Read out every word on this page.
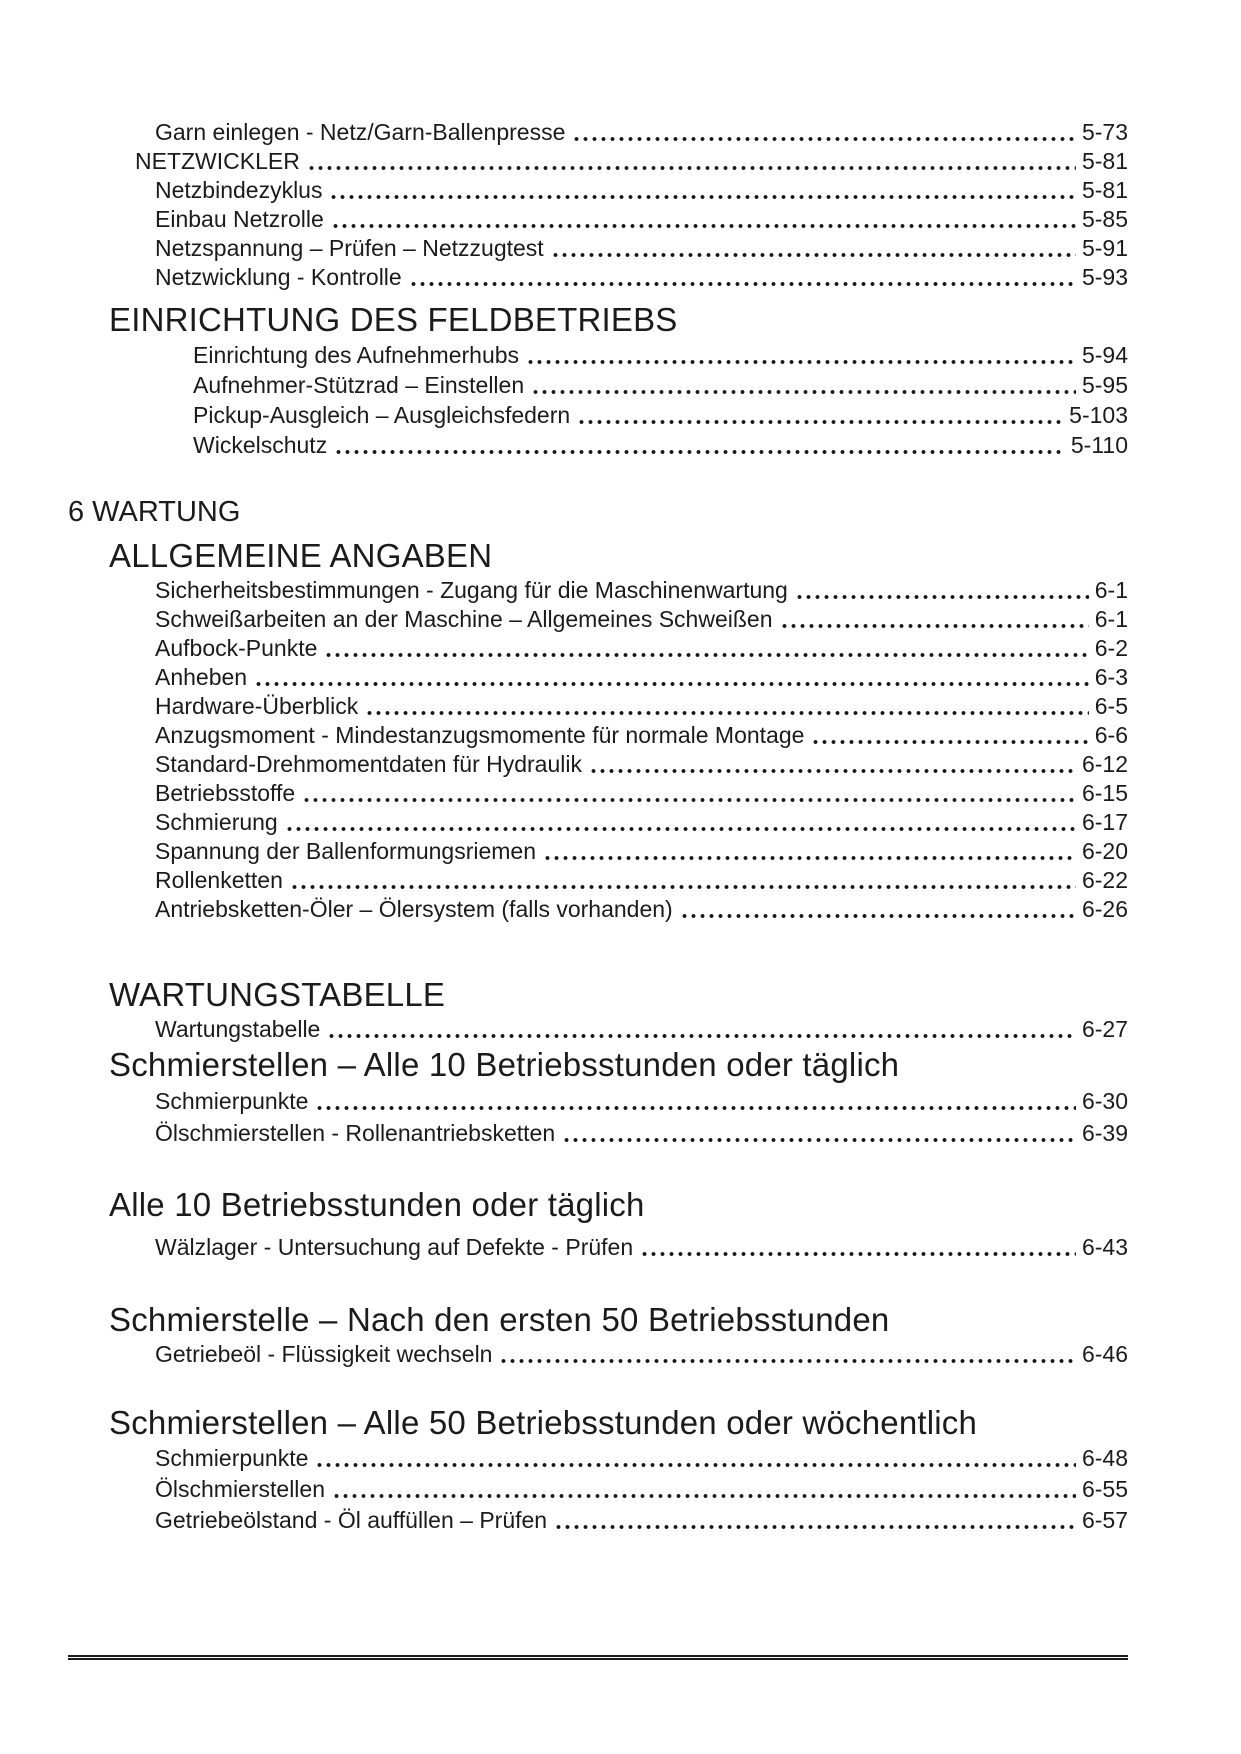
Garn einlegen - Netz/Garn-Ballenpresse	5-73
NETZWICKLER	5-81
Netzbindezyklus	5-81
Einbau Netzrolle	5-85
Netzspannung – Prüfen – Netzzugtest	5-91
Netzwicklung - Kontrolle	5-93
EINRICHTUNG DES FELDBETRIEBS
Einrichtung des Aufnehmerhubs	5-94
Aufnehmer-Stützrad – Einstellen	5-95
Pickup-Ausgleich – Ausgleichsfedern	5-103
Wickelschutz	5-110
6 WARTUNG
ALLGEMEINE ANGABEN
Sicherheitsbestimmungen - Zugang für die Maschinenwartung	6-1
Schweißarbeiten an der Maschine – Allgemeines Schweißen	6-1
Aufbock-Punkte	6-2
Anheben	6-3
Hardware-Überblick	6-5
Anzugsmoment - Mindestanzugsmomente für normale Montage	6-6
Standard-Drehmomentdaten für Hydraulik	6-12
Betriebsstoffe	6-15
Schmierung	6-17
Spannung der Ballenformungsriemen	6-20
Rollenketten	6-22
Antriebsketten-Öler – Ölersystem (falls vorhanden)	6-26
WARTUNGSTABELLE
Wartungstabelle	6-27
Schmierstellen – Alle 10 Betriebsstunden oder täglich
Schmierpunkte	6-30
Ölschmierstellen - Rollenantriebsketten	6-39
Alle 10 Betriebsstunden oder täglich
Wälzlager - Untersuchung auf Defekte - Prüfen	6-43
Schmierstelle – Nach den ersten 50 Betriebsstunden
Getriebeöl - Flüssigkeit wechseln	6-46
Schmierstellen – Alle 50 Betriebsstunden oder wöchentlich
Schmierpunkte	6-48
Ölschmierstellen	6-55
Getriebeölstand - Öl auffüllen – Prüfen	6-57
